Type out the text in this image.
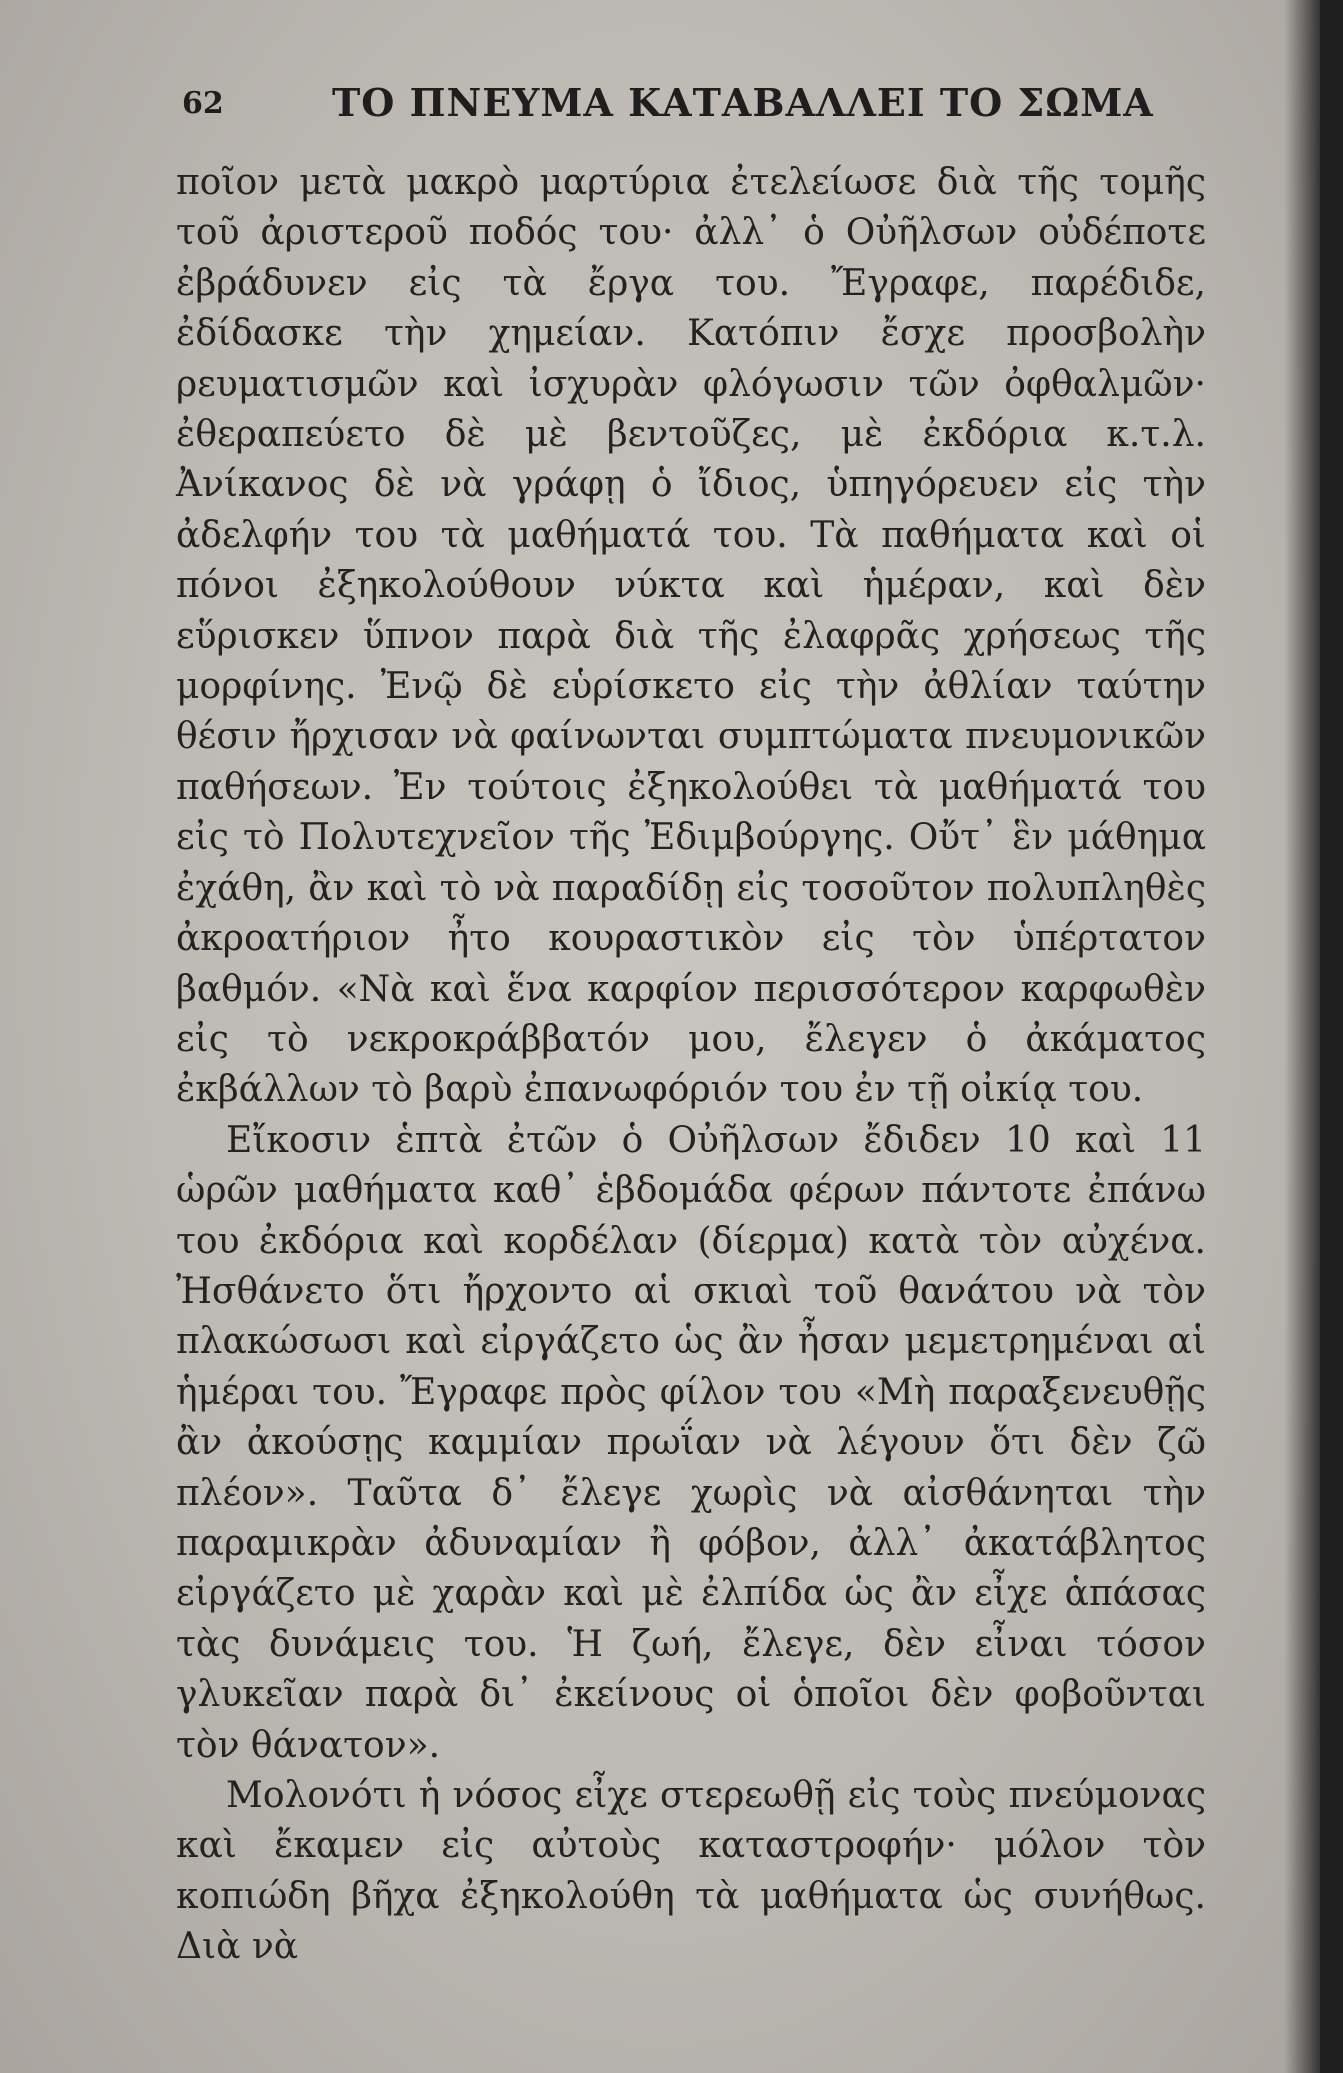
62	ΤΟ ΠΝΕΥΜΑ ΚΑΤΑΒΑΛΛΕΙ ΤΟ ΣΩΜΑ

ποῖον μετὰ μακρὸ μαρτύρια ἐτελείωσε διὰ τῆς τομῆς τοῦ ἀριστεροῦ ποδός του· ἀλλ᾽ ὁ Οὐῆλσων οὐδέποτε ἐβράδυνεν εἰς τὰ ἔργα του. Ἔγραφε, παρέδιδε, ἐδίδασκε τὴν χημείαν. Κατόπιν ἔσχε προσβολὴν ρευματισμῶν καὶ ἰσχυρὰν φλόγωσιν τῶν ὀφθαλμῶν· ἐθεραπεύετο δὲ μὲ βεντοῦζες, μὲ ἐκδόρια κ.τ.λ. Ἀνίκανος δὲ νὰ γράφῃ ὁ ἴδιος, ὑπηγόρευεν εἰς τὴν ἀδελφήν του τὰ μαθήματά του. Τὰ παθήματα καὶ οἱ πόνοι ἐξηκολούθουν νύκτα καὶ ἡμέραν, καὶ δὲν εὕρισκεν ὕπνον παρὰ διὰ τῆς ἐλαφρᾶς χρήσεως τῆς μορφίνης. Ἐνῷ δὲ εὑρίσκετο εἰς τὴν ἀθλίαν ταύτην θέσιν ἤρχισαν νὰ φαίνωνται συμπτώματα πνευμονικῶν παθήσεων. Ἐν τούτοις ἐξηκολούθει τὰ μαθήματά του εἰς τὸ Πολυτεχνεῖον τῆς Ἐδιμβούργης. Οὔτ᾽ ἓν μάθημα ἐχάθη, ἂν καὶ τὸ νὰ παραδίδῃ εἰς τοσοῦτον πολυπληθὲς ἀκροατήριον ἦτο κουραστικὸν εἰς τὸν ὑπέρτατον βαθμόν. «Νὰ καὶ ἕνα καρφίον περισσότερον καρφωθὲν εἰς τὸ νεκροκράββατόν μου, ἔλεγεν ὁ ἀκάματος ἐκβάλλων τὸ βαρὺ ἐπανωφόριόν του ἐν τῇ οἰκίᾳ του.

Εἴκοσιν ἑπτὰ ἐτῶν ὁ Οὐῆλσων ἔδιδεν 10 καὶ 11 ὡρῶν μαθήματα καθ᾽ ἑβδομάδα φέρων πάντοτε ἐπάνω του ἐκδόρια καὶ κορδέλαν (δίερμα) κατὰ τὸν αὐχένα. Ἠσθάνετο ὅτι ἤρχοντο αἱ σκιαὶ τοῦ θανάτου νὰ τὸν πλακώσωσι καὶ εἰργάζετο ὡς ἂν ἦσαν μεμετρημέναι αἱ ἡμέραι του. Ἔγραφε πρὸς φίλον του «Μὴ παραξενευθῇς ἂν ἀκούσῃς καμμίαν πρωΐαν νὰ λέγουν ὅτι δὲν ζῶ πλέον». Ταῦτα δ᾽ ἔλεγε χωρὶς νὰ αἰσθάνηται τὴν παραμικρὰν ἀδυναμίαν ἢ φόβον, ἀλλ᾽ ἀκατάβλητος εἰργάζετο μὲ χαρὰν καὶ μὲ ἐλπίδα ὡς ἂν εἶχε ἁπάσας τὰς δυνάμεις του. Ἡ ζωή, ἔλεγε, δὲν εἶναι τόσον γλυκεῖαν παρὰ δι᾽ ἐκείνους οἱ ὁποῖοι δὲν φοβοῦνται τὸν θάνατον».

Μολονότι ἡ νόσος εἶχε στερεωθῇ εἰς τοὺς πνεύμονας καὶ ἔκαμεν εἰς αὐτοὺς καταστροφήν· μόλον τὸν κοπιώδη βῆχα ἐξηκολούθη τὰ μαθήματα ὡς συνήθως. Διὰ νὰ
